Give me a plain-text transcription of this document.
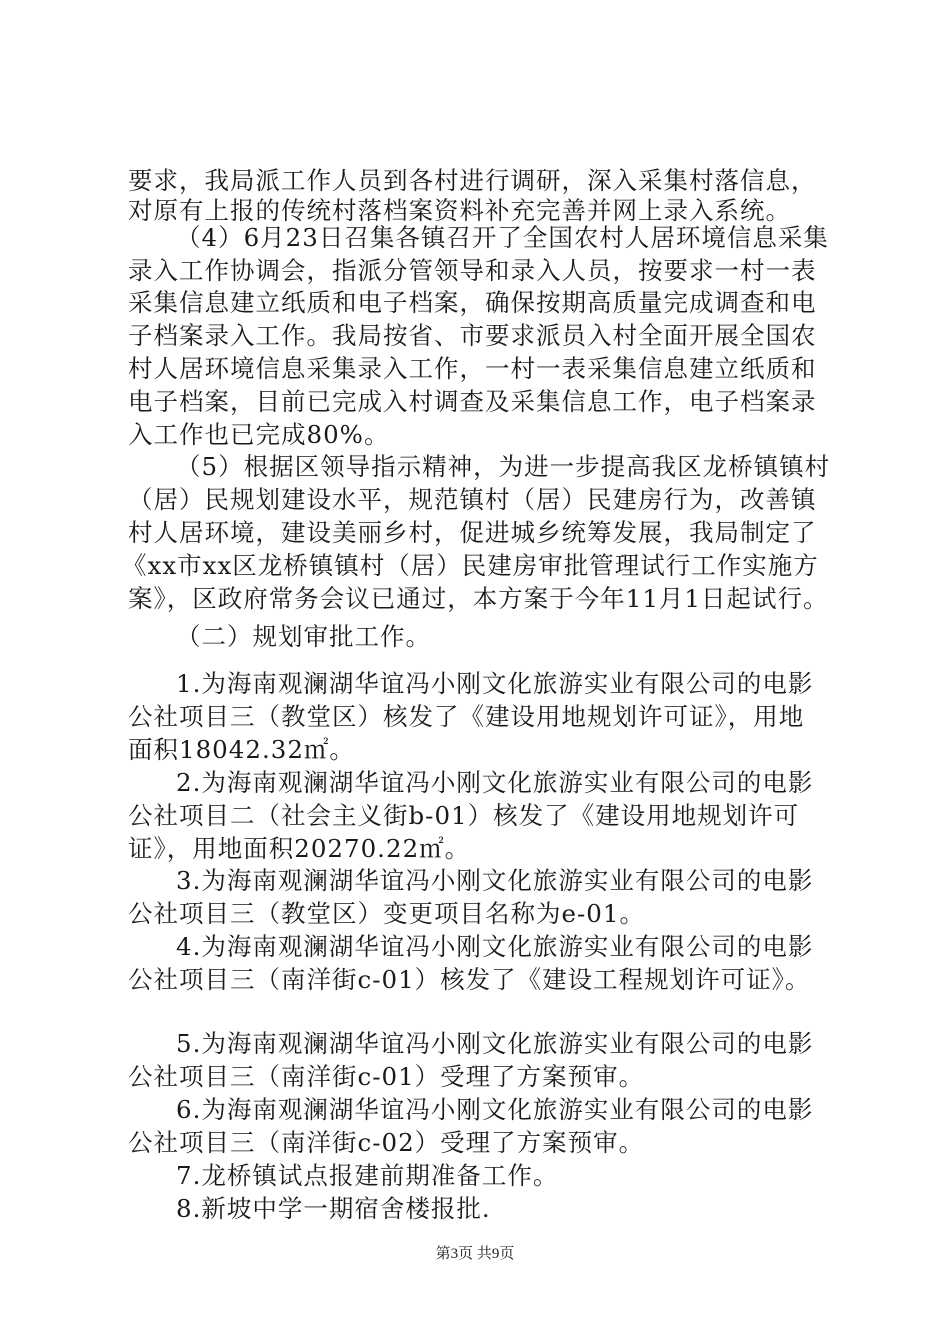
要求，我局派工作人员到各村进行调研，深入采集村落信息，
对原有上报的传统村落档案资料补充完善并网上录入系统。
（4）6月23日召集各镇召开了全国农村人居环境信息采集
录入工作协调会，指派分管领导和录入人员，按要求一村一表
采集信息建立纸质和电子档案，确保按期高质量完成调查和电
子档案录入工作。我局按省、市要求派员入村全面开展全国农
村人居环境信息采集录入工作，一村一表采集信息建立纸质和
电子档案，目前已完成入村调查及采集信息工作，电子档案录
入工作也已完成80%。
（5）根据区领导指示精神，为进一步提高我区龙桥镇镇村
（居）民规划建设水平，规范镇村（居）民建房行为，改善镇
村人居环境，建设美丽乡村，促进城乡统筹发展，我局制定了
《xx市xx区龙桥镇镇村（居）民建房审批管理试行工作实施方
案》，区政府常务会议已通过，本方案于今年11月1日起试行。
（二）规划审批工作。
1.为海南观澜湖华谊冯小刚文化旅游实业有限公司的电影
公社项目三（教堂区）核发了《建设用地规划许可证》，用地
面积18042.32㎡。
2.为海南观澜湖华谊冯小刚文化旅游实业有限公司的电影
公社项目二（社会主义街b-01）核发了《建设用地规划许可
证》，用地面积20270.22㎡。
3.为海南观澜湖华谊冯小刚文化旅游实业有限公司的电影
公社项目三（教堂区）变更项目名称为e-01。
4.为海南观澜湖华谊冯小刚文化旅游实业有限公司的电影
公社项目三（南洋街c-01）核发了《建设工程规划许可证》。
5.为海南观澜湖华谊冯小刚文化旅游实业有限公司的电影
公社项目三（南洋街c-01）受理了方案预审。
6.为海南观澜湖华谊冯小刚文化旅游实业有限公司的电影
公社项目三（南洋街c-02）受理了方案预审。
7.龙桥镇试点报建前期准备工作。
8.新坡中学一期宿舍楼报批.
第3页 共9页
